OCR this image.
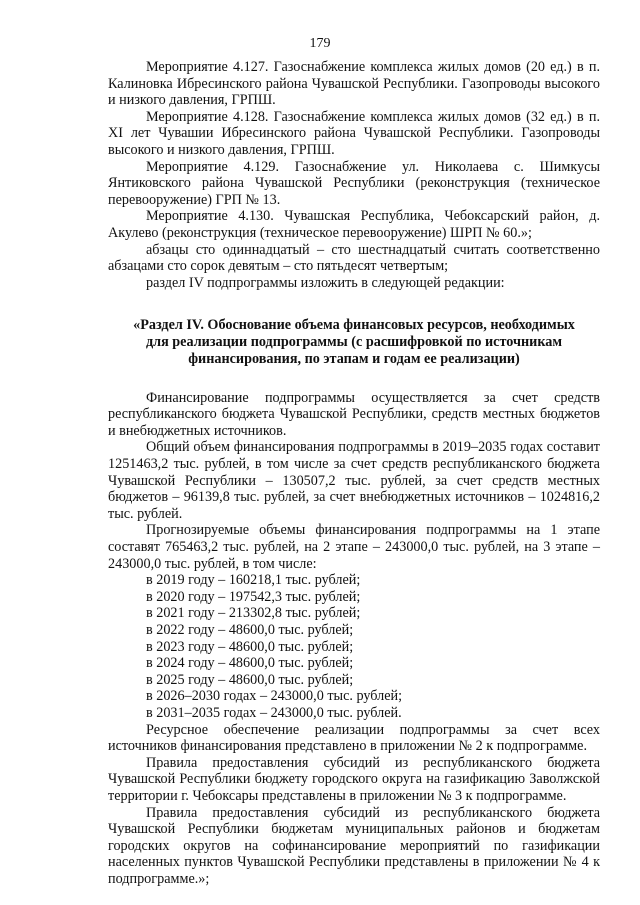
179

Мероприятие 4.127. Газоснабжение комплекса жилых домов (20 ед.) в п. Калиновка Ибресинского района Чувашской Республики. Газопроводы высокого и низкого давления, ГРПШ.

Мероприятие 4.128. Газоснабжение комплекса жилых домов (32 ед.) в п. XI лет Чувашии Ибресинского района Чувашской Республики. Газопроводы высокого и низкого давления, ГРПШ.

Мероприятие 4.129. Газоснабжение ул. Николаева с. Шимкусы Янтиковского района Чувашской Республики (реконструкция (техническое перевооружение) ГРП № 13.

Мероприятие 4.130. Чувашская Республика, Чебоксарский район, д. Акулево (реконструкция (техническое перевооружение) ШРП № 60.»;

абзацы сто одиннадцатый – сто шестнадцатый считать соответственно абзацами сто сорок девятым – сто пятьдесят четвертым;

раздел IV подпрограммы изложить в следующей редакции:

«Раздел IV. Обоснование объема финансовых ресурсов, необходимых
для реализации подпрограммы (с расшифровкой по источникам
финансирования, по этапам и годам ее реализации)

Финансирование подпрограммы осуществляется за счет средств республиканского бюджета Чувашской Республики, средств местных бюджетов и внебюджетных источников.

Общий объем финансирования подпрограммы в 2019–2035 годах составит 1251463,2 тыс. рублей, в том числе за счет средств республиканского бюджета Чувашской Республики – 130507,2 тыс. рублей, за счет средств местных бюджетов – 96139,8 тыс. рублей, за счет внебюджетных источников – 1024816,2 тыс. рублей.

Прогнозируемые объемы финансирования подпрограммы на 1 этапе составят 765463,2 тыс. рублей, на 2 этапе – 243000,0 тыс. рублей, на 3 этапе – 243000,0 тыс. рублей, в том числе:

в 2019 году – 160218,1 тыс. рублей;

в 2020 году – 197542,3 тыс. рублей;

в 2021 году – 213302,8 тыс. рублей;

в 2022 году – 48600,0 тыс. рублей;

в 2023 году – 48600,0 тыс. рублей;

в 2024 году – 48600,0 тыс. рублей;

в 2025 году – 48600,0 тыс. рублей;

в 2026–2030 годах – 243000,0 тыс. рублей;

в 2031–2035 годах – 243000,0 тыс. рублей.

Ресурсное обеспечение реализации подпрограммы за счет всех источников финансирования представлено в приложении № 2 к подпрограмме.

Правила предоставления субсидий из республиканского бюджета Чувашской Республики бюджету городского округа на газификацию Заволжской территории г. Чебоксары представлены в приложении № 3 к подпрограмме.

Правила предоставления субсидий из республиканского бюджета Чувашской Республики бюджетам муниципальных районов и бюджетам городских округов на софинансирование мероприятий по газификации населенных пунктов Чувашской Республики представлены в приложении № 4 к подпрограмме.»;
